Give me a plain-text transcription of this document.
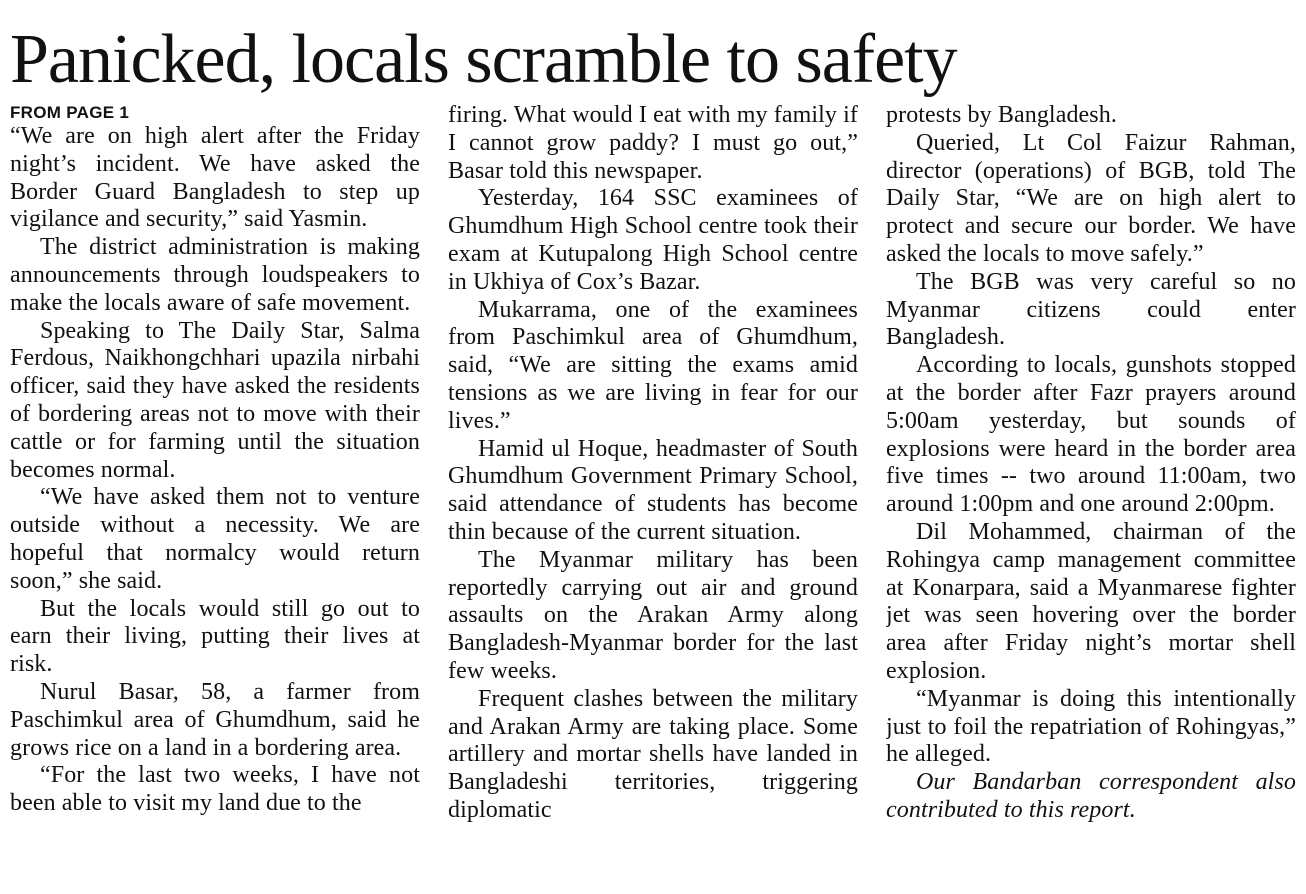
Panicked, locals scramble to safety
FROM PAGE 1

“We are on high alert after the Friday night’s incident. We have asked the Border Guard Bangladesh to step up vigilance and security,” said Yasmin.

The district administration is making announcements through loudspeakers to make the locals aware of safe movement.

Speaking to The Daily Star, Salma Ferdous, Naikhongchhari upazila nirbahi officer, said they have asked the residents of bordering areas not to move with their cattle or for farming until the situation becomes normal.

“We have asked them not to venture outside without a necessity. We are hopeful that normalcy would return soon,” she said.

But the locals would still go out to earn their living, putting their lives at risk.

Nurul Basar, 58, a farmer from Paschimkul area of Ghumdhum, said he grows rice on a land in a bordering area.

“For the last two weeks, I have not been able to visit my land due to the

firing. What would I eat with my family if I cannot grow paddy? I must go out,” Basar told this newspaper.

Yesterday, 164 SSC examinees of Ghumdhum High School centre took their exam at Kutupalong High School centre in Ukhiya of Cox’s Bazar.

Mukarrama, one of the examinees from Paschimkul area of Ghumdhum, said, “We are sitting the exams amid tensions as we are living in fear for our lives.”

Hamid ul Hoque, headmaster of South Ghumdhum Government Primary School, said attendance of students has become thin because of the current situation.

The Myanmar military has been reportedly carrying out air and ground assaults on the Arakan Army along Bangladesh-Myanmar border for the last few weeks.

Frequent clashes between the military and Arakan Army are taking place. Some artillery and mortar shells have landed in Bangladeshi territories, triggering diplomatic

protests by Bangladesh.

Queried, Lt Col Faizur Rahman, director (operations) of BGB, told The Daily Star, “We are on high alert to protect and secure our border. We have asked the locals to move safely.”

The BGB was very careful so no Myanmar citizens could enter Bangladesh.

According to locals, gunshots stopped at the border after Fazr prayers around 5:00am yesterday, but sounds of explosions were heard in the border area five times -- two around 11:00am, two around 1:00pm and one around 2:00pm.

Dil Mohammed, chairman of the Rohingya camp management committee at Konarpara, said a Myanmarese fighter jet was seen hovering over the border area after Friday night’s mortar shell explosion.

“Myanmar is doing this intentionally just to foil the repatriation of Rohingyas,” he alleged.

Our Bandarban correspondent also contributed to this report.
